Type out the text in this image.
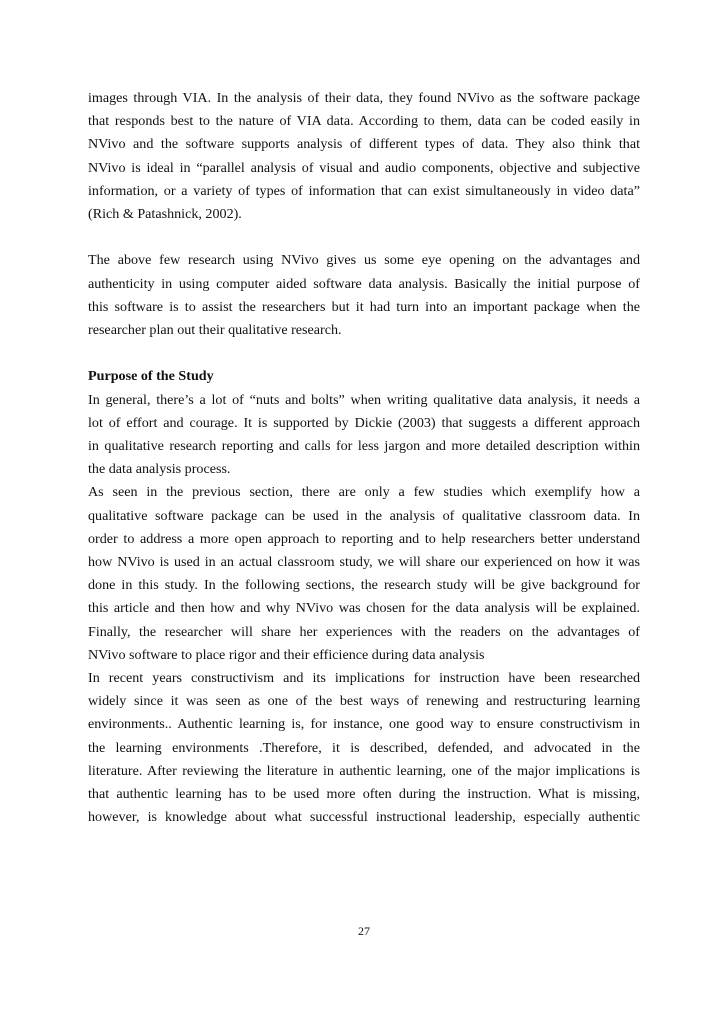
images through VIA. In the analysis of their data, they found NVivo as the software package
that responds best to the nature of VIA data. According to them, data can be coded easily in
NVivo and the software supports analysis of different types of data. They also think that
NVivo is ideal in “parallel analysis of visual and audio components, objective and subjective
information, or a variety of types of information that can exist simultaneously in video data”
(Rich & Patashnick, 2002).
The above few research using NVivo gives us some eye opening on the advantages and
authenticity in using computer aided software data analysis. Basically the initial purpose of
this software is to assist the researchers but it had turn into an important package when the
researcher plan out their qualitative research.
Purpose of the Study
In general, there’s a lot of “nuts and bolts” when writing qualitative data analysis, it needs a
lot of effort and courage. It is supported by Dickie (2003) that suggests a different approach
in qualitative research reporting and calls for less jargon and more detailed description within
the data analysis process.
As seen in the previous section, there are only a few studies which exemplify how a
qualitative software package can be used in the analysis of qualitative classroom data. In
order to address a more open approach to reporting and to help researchers better understand
how NVivo is used in an actual classroom study, we will share our experienced on how it was
done in this study. In the following sections, the research study will be give background for
this article and then how and why NVivo was chosen for the data analysis will be explained.
Finally, the researcher will share her experiences with the readers on the advantages of
NVivo software to place rigor and their efficience during data analysis
In recent years constructivism and its implications for instruction have been researched
widely since it was seen as one of the best ways of renewing and restructuring learning
environments.. Authentic learning is, for instance, one good way to ensure constructivism in
the learning environments .Therefore, it is described, defended, and advocated in the
literature. After reviewing the literature in authentic learning, one of the major implications is
that authentic learning has to be used more often during the instruction. What is missing,
however, is knowledge about what successful instructional leadership, especially authentic
27
